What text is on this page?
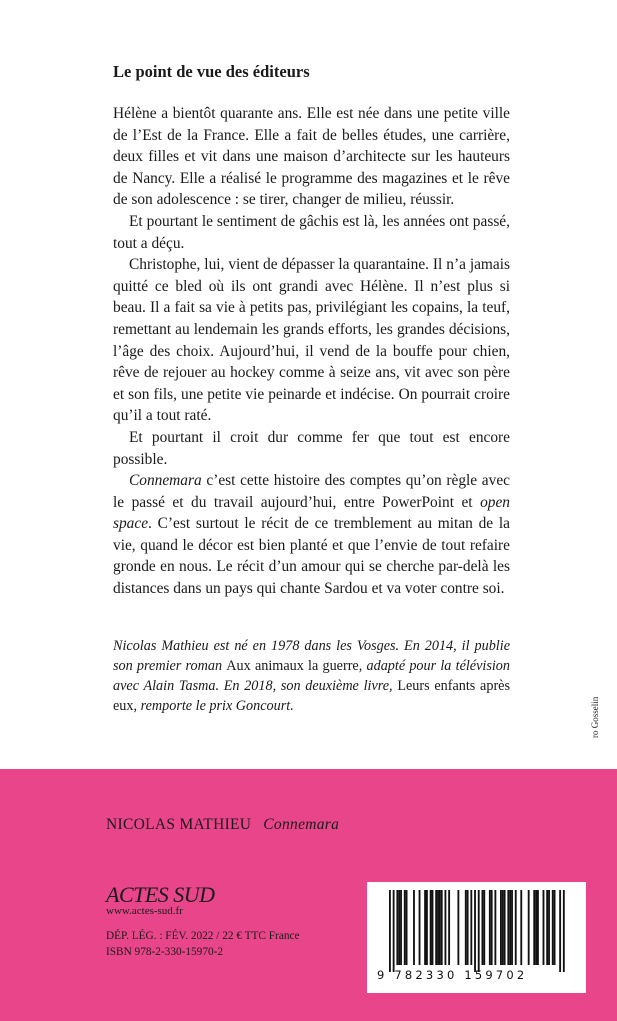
Le point de vue des éditeurs

Hélène a bientôt quarante ans. Elle est née dans une petite ville de l’Est de la France. Elle a fait de belles études, une carrière, deux filles et vit dans une maison d’architecte sur les hauteurs de Nancy. Elle a réalisé le programme des magazines et le rêve de son adolescence : se tirer, changer de milieu, réussir.

Et pourtant le sentiment de gâchis est là, les années ont passé, tout a déçu.

Christophe, lui, vient de dépasser la quarantaine. Il n’a jamais quitté ce bled où ils ont grandi avec Hélène. Il n’est plus si beau. Il a fait sa vie à petits pas, privilégiant les copains, la teuf, remettant au lendemain les grands efforts, les grandes décisions, l’âge des choix. Aujourd’hui, il vend de la bouffe pour chien, rêve de rejouer au hockey comme à seize ans, vit avec son père et son fils, une petite vie peinarde et indécise. On pourrait croire qu’il a tout raté.

Et pourtant il croit dur comme fer que tout est encore possible.

Connemara c’est cette histoire des comptes qu’on règle avec le passé et du travail aujourd’hui, entre PowerPoint et open space. C’est surtout le récit de ce tremblement au mitan de la vie, quand le décor est bien planté et que l’envie de tout refaire gronde en nous. Le récit d’un amour qui se cherche par-delà les distances dans un pays qui chante Sardou et va voter contre soi.

Nicolas Mathieu est né en 1978 dans les Vosges. En 2014, il publie son premier roman Aux animaux la guerre, adapté pour la télévision avec Alain Tasma. En 2018, son deuxième livre, Leurs enfants après eux, remporte le prix Goncourt.	ro Gosselin
NICOLAS MATHIEU Connemara
ACTES SUD
www.actes-sud.fr
DÉP. LÉG. : FÉV. 2022 / 22 € TTC France
ISBN 978-2-330-15970-2
9 782330 159702
